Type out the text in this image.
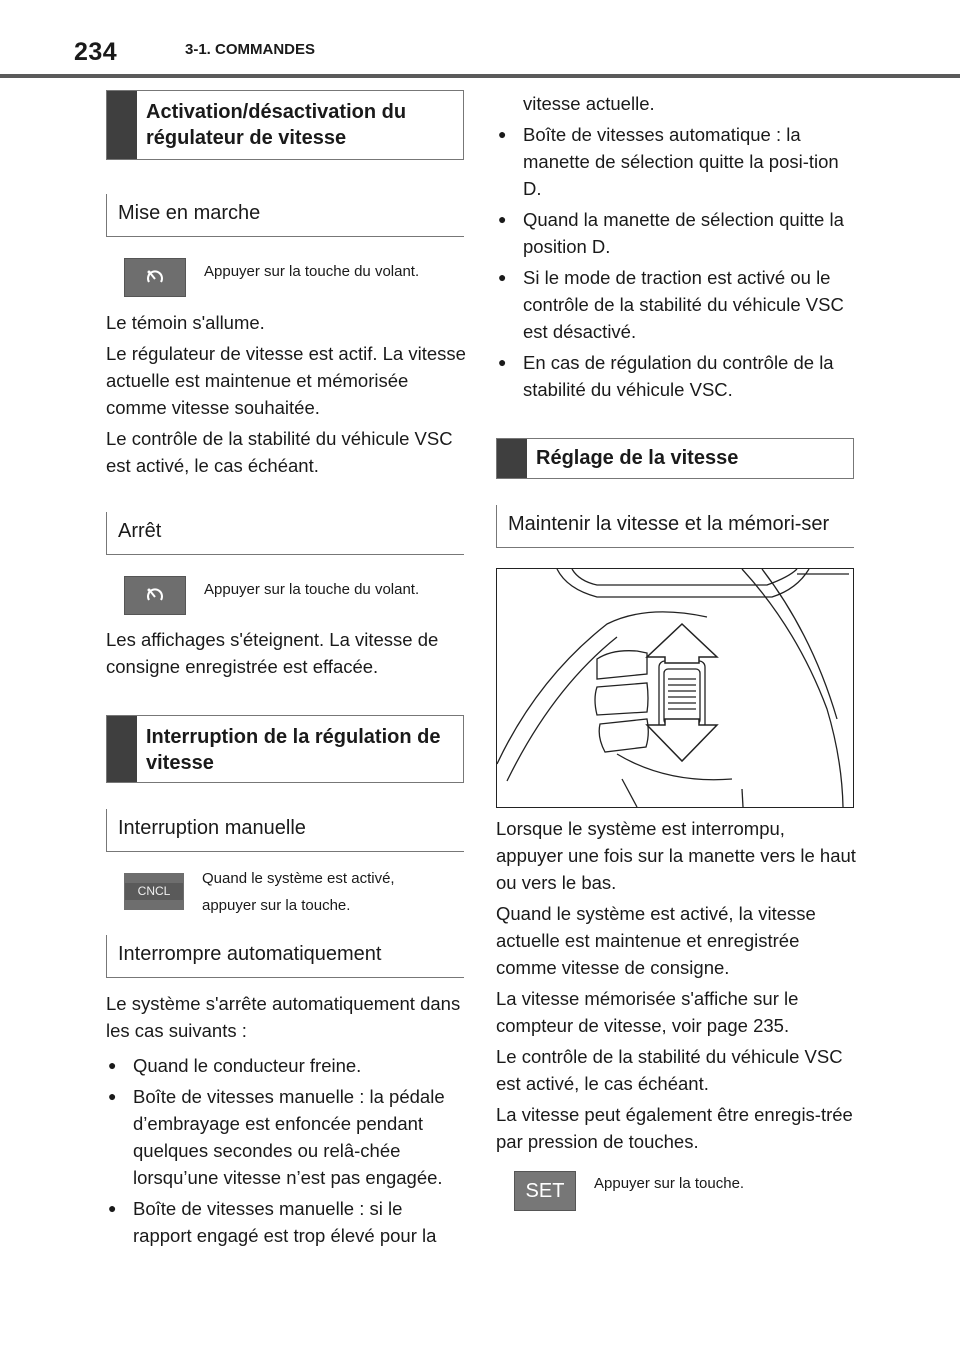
234	3-1. COMMANDES
Activation/désactivation du régulateur de vitesse
Mise en marche
Appuyer sur la touche du volant.

Le témoin s'allume.

Le régulateur de vitesse est actif. La vitesse actuelle est maintenue et mémorisée comme vitesse souhaitée.

Le contrôle de la stabilité du véhicule VSC est activé, le cas échéant.

Arrêt
Appuyer sur la touche du volant.

Les affichages s'éteignent. La vitesse de consigne enregistrée est effacée.

Interruption de la régulation de vitesse
Interruption manuelle
CNCL
Quand le système est activé,
appuyer sur la touche.
Interrompre automatiquement

Le système s'arrête automatiquement dans les cas suivants :

● Quand le conducteur freine.
● Boîte de vitesses manuelle : la pédale d’embrayage est enfoncée pendant quelques secondes ou relâ-chée lorsqu’une vitesse n’est pas engagée.
● Boîte de vitesses manuelle : si le rapport engagé est trop élevé pour la

vitesse actuelle.

● Boîte de vitesses automatique : la manette de sélection quitte la posi-tion D.
● Quand la manette de sélection quitte la position D.
● Si le mode de traction est activé ou le contrôle de la stabilité du véhicule VSC est désactivé.
● En cas de régulation du contrôle de la stabilité du véhicule VSC.
Réglage de la vitesse
Maintenir la vitesse et la mémori-ser

Lorsque le système est interrompu, appuyer une fois sur la manette vers le haut ou vers le bas.

Quand le système est activé, la vitesse actuelle est maintenue et enregistrée comme vitesse de consigne.

La vitesse mémorisée s'affiche sur le compteur de vitesse, voir page 235.

Le contrôle de la stabilité du véhicule VSC est activé, le cas échéant.

La vitesse peut également être enregis-trée par pression de touches.

SET	Appuyer sur la touche.
